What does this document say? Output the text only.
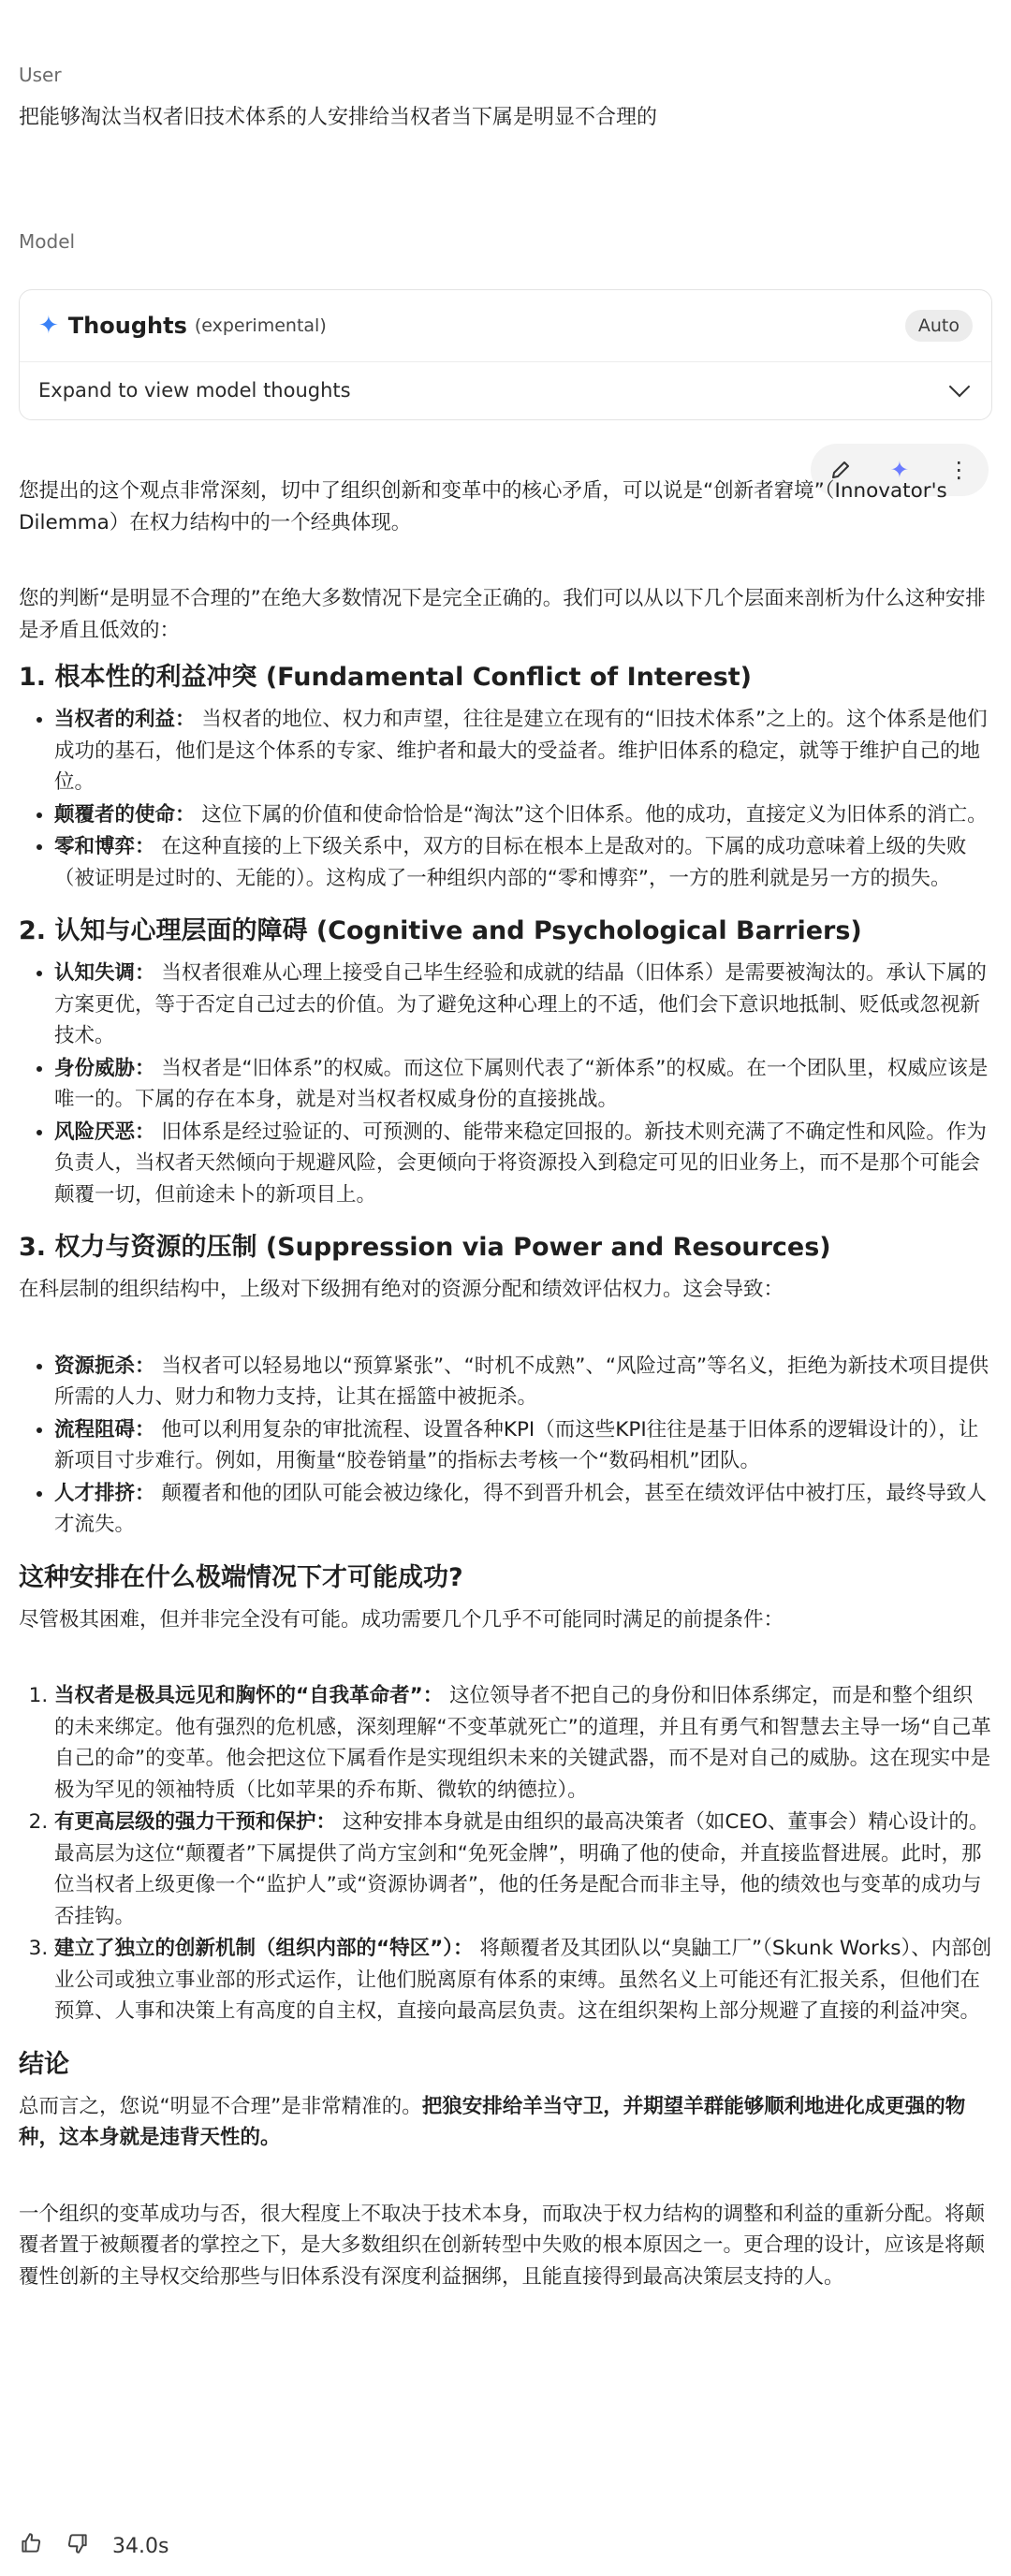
User
把能够淘汰当权者旧技术体系的人安排给当权者当下属是明显不合理的
Model
✦ Thoughts (experimental)	Auto
Expand to view model thoughts
✦	⋮

您提出的这个观点非常深刻，切中了组织创新和变革中的核心矛盾，可以说是“创新者窘境”（Innovator's Dilemma）在权力结构中的一个经典体现。

您的判断“是明显不合理的”在绝大多数情况下是完全正确的。我们可以从以下几个层面来剖析为什么这种安排是矛盾且低效的：

1. 根本性的利益冲突 (Fundamental Conflict of Interest)
• 当权者的利益： 当权者的地位、权力和声望，往往是建立在现有的“旧技术体系”之上的。这个体系是他们成功的基石，他们是这个体系的专家、维护者和最大的受益者。维护旧体系的稳定，就等于维护自己的地位。
• 颠覆者的使命： 这位下属的价值和使命恰恰是“淘汰”这个旧体系。他的成功，直接定义为旧体系的消亡。
• 零和博弈： 在这种直接的上下级关系中，双方的目标在根本上是敌对的。下属的成功意味着上级的失败（被证明是过时的、无能的）。这构成了一种组织内部的“零和博弈”，一方的胜利就是另一方的损失。
2. 认知与心理层面的障碍 (Cognitive and Psychological Barriers)
• 认知失调： 当权者很难从心理上接受自己毕生经验和成就的结晶（旧体系）是需要被淘汰的。承认下属的方案更优，等于否定自己过去的价值。为了避免这种心理上的不适，他们会下意识地抵制、贬低或忽视新技术。
• 身份威胁： 当权者是“旧体系”的权威。而这位下属则代表了“新体系”的权威。在一个团队里，权威应该是唯一的。下属的存在本身，就是对当权者权威身份的直接挑战。
• 风险厌恶： 旧体系是经过验证的、可预测的、能带来稳定回报的。新技术则充满了不确定性和风险。作为负责人，当权者天然倾向于规避风险，会更倾向于将资源投入到稳定可见的旧业务上，而不是那个可能会颠覆一切，但前途未卜的新项目上。
3. 权力与资源的压制 (Suppression via Power and Resources)

在科层制的组织结构中，上级对下级拥有绝对的资源分配和绩效评估权力。这会导致：

• 资源扼杀： 当权者可以轻易地以“预算紧张”、“时机不成熟”、“风险过高”等名义，拒绝为新技术项目提供所需的人力、财力和物力支持，让其在摇篮中被扼杀。
• 流程阻碍： 他可以利用复杂的审批流程、设置各种KPI（而这些KPI往往是基于旧体系的逻辑设计的），让新项目寸步难行。例如，用衡量“胶卷销量”的指标去考核一个“数码相机”团队。
• 人才排挤： 颠覆者和他的团队可能会被边缘化，得不到晋升机会，甚至在绩效评估中被打压，最终导致人才流失。
这种安排在什么极端情况下才可能成功?

尽管极其困难，但并非完全没有可能。成功需要几个几乎不可能同时满足的前提条件：

1. 当权者是极具远见和胸怀的“自我革命者”： 这位领导者不把自己的身份和旧体系绑定，而是和整个组织的未来绑定。他有强烈的危机感，深刻理解“不变革就死亡”的道理，并且有勇气和智慧去主导一场“自己革自己的命”的变革。他会把这位下属看作是实现组织未来的关键武器，而不是对自己的威胁。这在现实中是极为罕见的领袖特质（比如苹果的乔布斯、微软的纳德拉）。
2. 有更高层级的强力干预和保护： 这种安排本身就是由组织的最高决策者（如CEO、董事会）精心设计的。最高层为这位“颠覆者”下属提供了尚方宝剑和“免死金牌”，明确了他的使命，并直接监督进展。此时，那位当权者上级更像一个“监护人”或“资源协调者”，他的任务是配合而非主导，他的绩效也与变革的成功与否挂钩。
3. 建立了独立的创新机制（组织内部的“特区”）： 将颠覆者及其团队以“臭鼬工厂”（Skunk Works）、内部创业公司或独立事业部的形式运作，让他们脱离原有体系的束缚。虽然名义上可能还有汇报关系，但他们在预算、人事和决策上有高度的自主权，直接向最高层负责。这在组织架构上部分规避了直接的利益冲突。
结论

总而言之，您说“明显不合理”是非常精准的。把狼安排给羊当守卫，并期望羊群能够顺利地进化成更强的物种，这本身就是违背天性的。

一个组织的变革成功与否，很大程度上不取决于技术本身，而取决于权力结构的调整和利益的重新分配。将颠覆者置于被颠覆者的掌控之下，是大多数组织在创新转型中失败的根本原因之一。更合理的设计，应该是将颠覆性创新的主导权交给那些与旧体系没有深度利益捆绑，且能直接得到最高决策层支持的人。

34.0s
